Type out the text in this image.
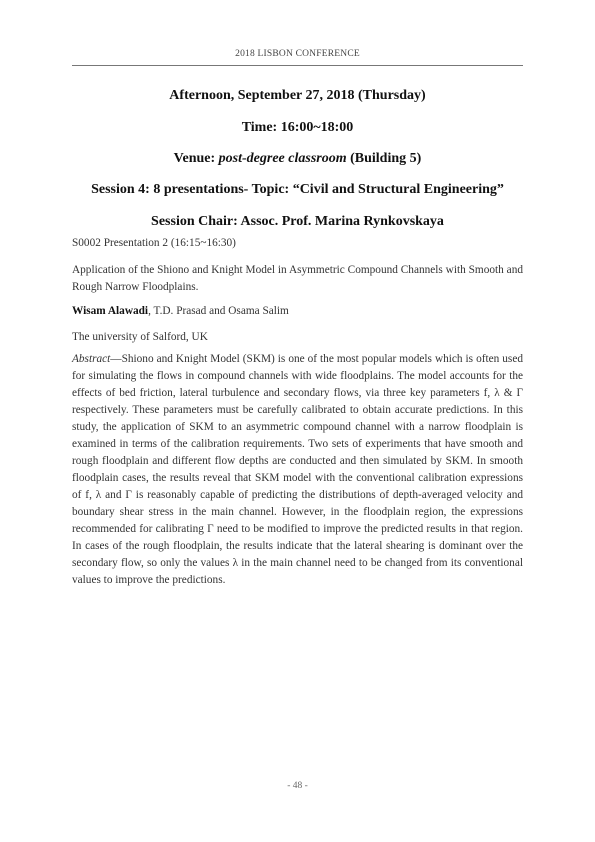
2018 LISBON CONFERENCE
Afternoon, September 27, 2018 (Thursday)
Time: 16:00~18:00
Venue: post-degree classroom (Building 5)
Session 4: 8 presentations- Topic: “Civil and Structural Engineering”
Session Chair: Assoc. Prof. Marina Rynkovskaya
S0002 Presentation 2 (16:15~16:30)
Application of the Shiono and Knight Model in Asymmetric Compound Channels with Smooth and Rough Narrow Floodplains.
Wisam Alawadi, T.D. Prasad and Osama Salim
The university of Salford, UK
Abstract—Shiono and Knight Model (SKM) is one of the most popular models which is often used for simulating the flows in compound channels with wide floodplains. The model accounts for the effects of bed friction, lateral turbulence and secondary flows, via three key parameters f, λ & Γ respectively. These parameters must be carefully calibrated to obtain accurate predictions. In this study, the application of SKM to an asymmetric compound channel with a narrow floodplain is examined in terms of the calibration requirements. Two sets of experiments that have smooth and rough floodplain and different flow depths are conducted and then simulated by SKM. In smooth floodplain cases, the results reveal that SKM model with the conventional calibration expressions of f, λ and Γ is reasonably capable of predicting the distributions of depth-averaged velocity and boundary shear stress in the main channel. However, in the floodplain region, the expressions recommended for calibrating Γ need to be modified to improve the predicted results in that region. In cases of the rough floodplain, the results indicate that the lateral shearing is dominant over the secondary flow, so only the values λ in the main channel need to be changed from its conventional values to improve the predictions.
- 48 -
